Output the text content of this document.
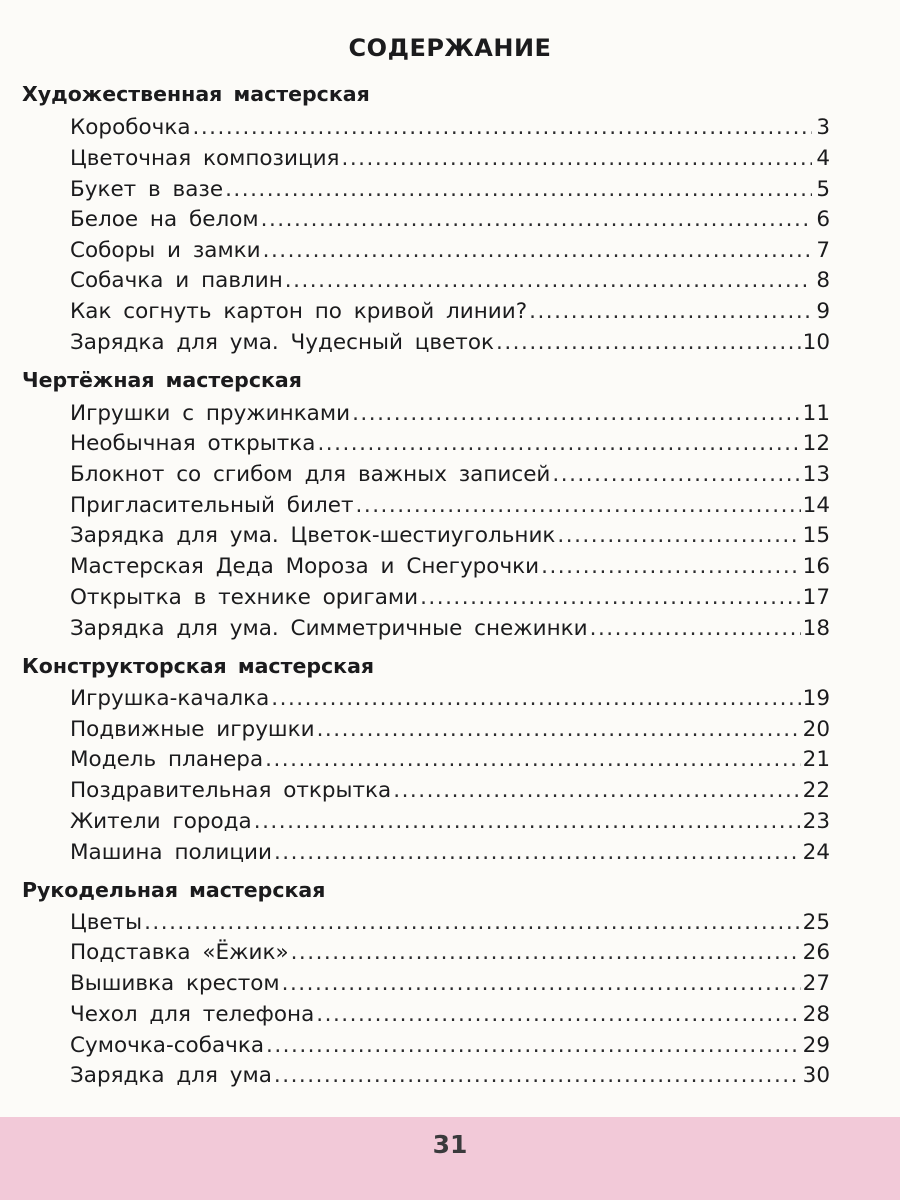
СОДЕРЖАНИЕ
Художественная мастерская
Коробочка .....	3
Цветочная композиция .....	4
Букет в вазе .....	5
Белое на белом .....	6
Соборы и замки .....	7
Собачка и павлин .....	8
Как согнуть картон по кривой линии? .....	9
Зарядка для ума. Чудесный цветок .....	10
Чертёжная мастерская
Игрушки с пружинками .....	11
Необычная открытка .....	12
Блокнот со сгибом для важных записей .....	13
Пригласительный билет .....	14
Зарядка для ума. Цветок-шестиугольник .....	15
Мастерская Деда Мороза и Снегурочки .....	16
Открытка в технике оригами .....	17
Зарядка для ума. Симметричные снежинки .....	18
Конструкторская мастерская
Игрушка-качалка .....	19
Подвижные игрушки .....	20
Модель планера .....	21
Поздравительная открытка .....	22
Жители города .....	23
Машина полиции .....	24
Рукодельная мастерская
Цветы .....	25
Подставка «Ёжик» .....	26
Вышивка крестом .....	27
Чехол для телефона .....	28
Сумочка-собачка .....	29
Зарядка для ума .....	30
31
